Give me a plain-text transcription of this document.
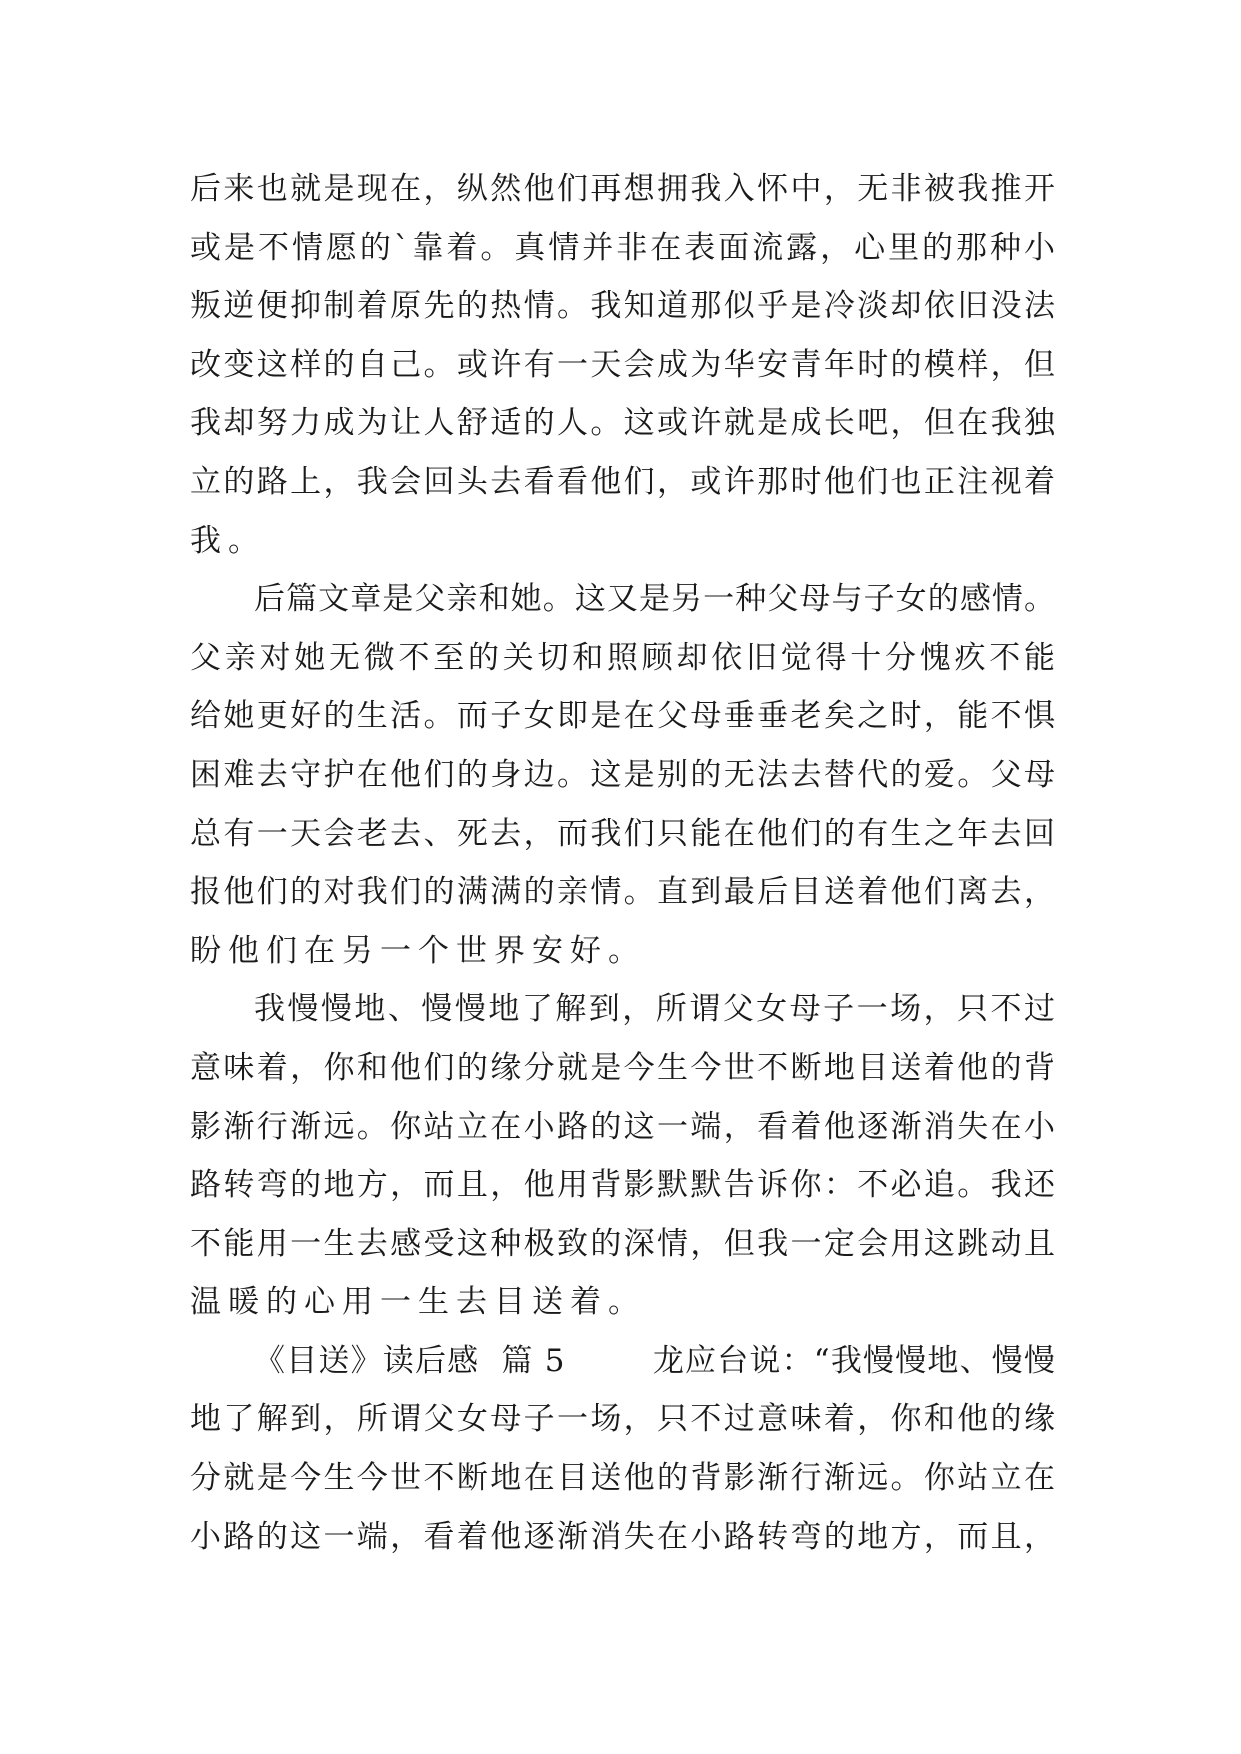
后来也就是现在，纵然他们再想拥我入怀中，无非被我推开
或是不情愿的`靠着。真情并非在表面流露，心里的那种小
叛逆便抑制着原先的热情。我知道那似乎是冷淡却依旧没法
改变这样的自己。或许有一天会成为华安青年时的模样，但
我却努力成为让人舒适的人。这或许就是成长吧，但在我独
立的路上，我会回头去看看他们，或许那时他们也正注视着
我。
后篇文章是父亲和她。这又是另一种父母与子女的感情。
父亲对她无微不至的关切和照顾却依旧觉得十分愧疚不能
给她更好的生活。而子女即是在父母垂垂老矣之时，能不惧
困难去守护在他们的身边。这是别的无法去替代的爱。父母
总有一天会老去、死去，而我们只能在他们的有生之年去回
报他们的对我们的满满的亲情。直到最后目送着他们离去，
盼他们在另一个世界安好。
我慢慢地、慢慢地了解到，所谓父女母子一场，只不过
意味着，你和他们的缘分就是今生今世不断地目送着他的背
影渐行渐远。你站立在小路的这一端，看着他逐渐消失在小
路转弯的地方，而且，他用背影默默告诉你：不必追。我还
不能用一生去感受这种极致的深情，但我一定会用这跳动且
温暖的心用一生去目送着。
《目送》读后感  篇 5        龙应台说：“我慢慢地、慢慢
地了解到，所谓父女母子一场，只不过意味着，你和他的缘
分就是今生今世不断地在目送他的背影渐行渐远。你站立在
小路的这一端，看着他逐渐消失在小路转弯的地方，而且，
